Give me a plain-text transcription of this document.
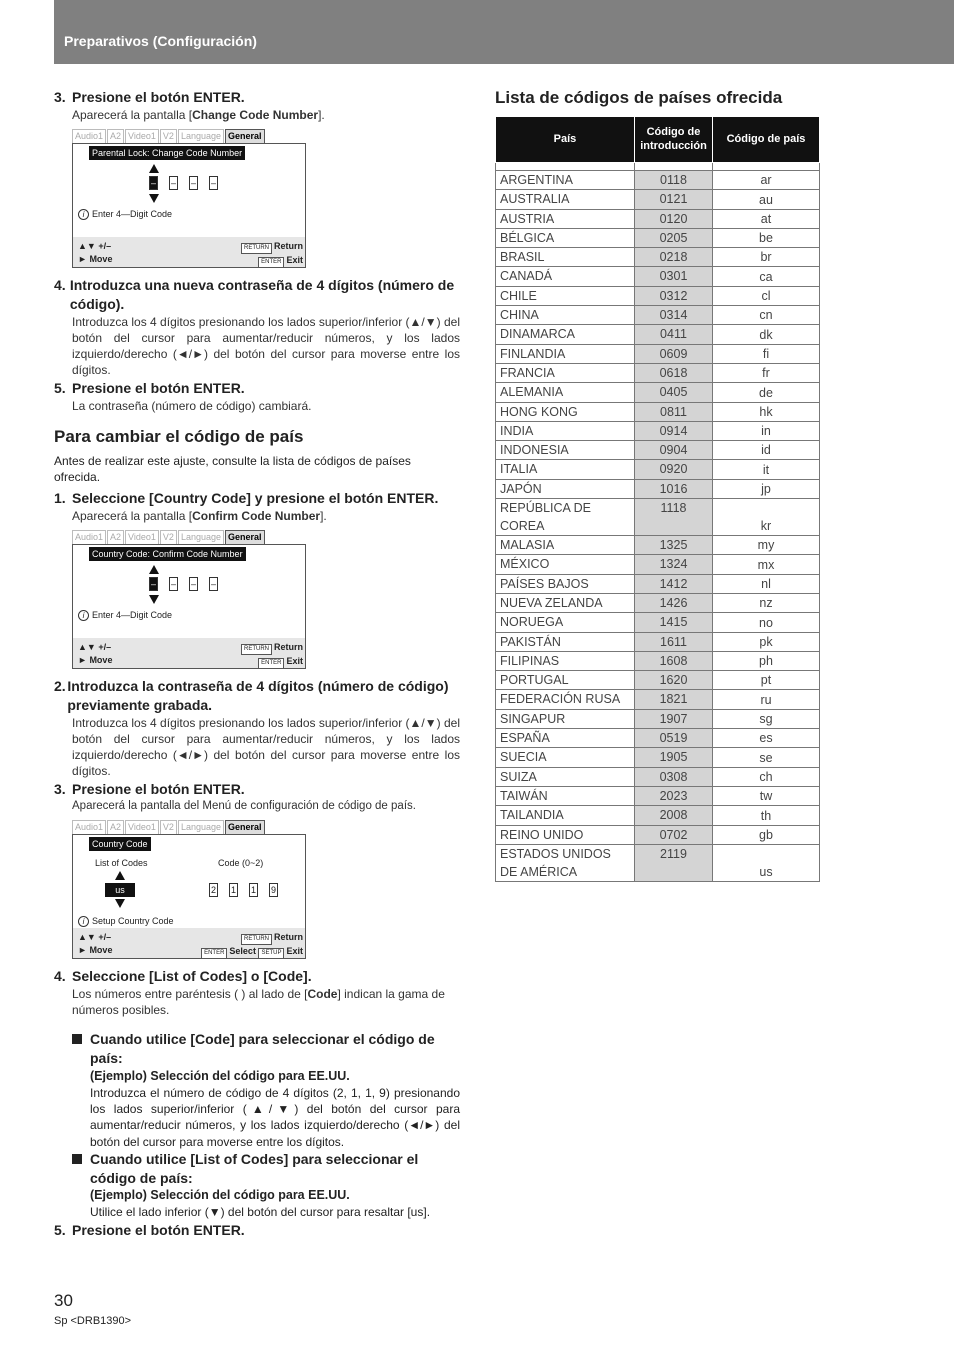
Preparativos (Configuración)
3. Presione el botón ENTER.
Aparecerá la pantalla [Change Code Number].
Audio1 A2 Video1 V2 Language General
Parental Lock: Change Code Number
– – – –
i Enter 4—Digit Code
▲▼ +/–
► Move
RETURN Return
ENTER Exit
4. Introduzca una nueva contraseña de 4 dígitos (número de código).
Introduzca los 4 dígitos presionando los lados superior/inferior (▲/▼) del botón del cursor para aumentar/reducir números, y los lados izquierdo/derecho (◄/►) del botón del cursor para moverse entre los dígitos.
5. Presione el botón ENTER.
La contraseña (número de código) cambiará.
Para cambiar el código de país
Antes de realizar este ajuste, consulte la lista de códigos de países ofrecida.
1. Seleccione [Country Code] y presione el botón ENTER.
Aparecerá la pantalla [Confirm Code Number].
Audio1 A2 Video1 V2 Language General
Country Code: Confirm Code Number
– – – –
i Enter 4—Digit Code
▲▼ +/–
► Move
RETURN Return
ENTER Exit
2. Introduzca la contraseña de 4 dígitos (número de código) previamente grabada.
Introduzca los 4 dígitos presionando los lados superior/inferior (▲/▼) del botón del cursor para aumentar/reducir números, y los lados izquierdo/derecho (◄/►) del botón del cursor para moverse entre los dígitos.
3. Presione el botón ENTER.
Aparecerá la pantalla del Menú de configuración de código de país.
Audio1 A2 Video1 V2 Language General
Country Code
List of Codes	Code (0~2)
us	2 1 1 9
i Setup Country Code
▲▼ +/–
► Move
RETURN Return
ENTER Select SETUP Exit
4. Seleccione [List of Codes] o [Code].
Los números entre paréntesis ( ) al lado de [Code] indican la gama de números posibles.
Cuando utilice [Code] para seleccionar el código de país:
(Ejemplo) Selección del código para EE.UU.
Introduzca el número de código de 4 dígitos (2, 1, 1, 9) presionando los lados superior/inferior (▲/▼) del botón del cursor para aumentar/reducir números, y los lados izquierdo/derecho (◄/►) del botón del cursor para moverse entre los dígitos.
Cuando utilice [List of Codes] para seleccionar el código de país:
(Ejemplo) Selección del código para EE.UU.
Utilice el lado inferior (▼) del botón del cursor para resaltar [us].
5. Presione el botón ENTER.
Lista de códigos de países ofrecida
País	Código de introducción	Código de país

ARGENTINA	0118	ar
AUSTRALIA	0121	au
AUSTRIA	0120	at
BÉLGICA	0205	be
BRASIL	0218	br
CANADÁ	0301	ca
CHILE	0312	cl
CHINA	0314	cn
DINAMARCA	0411	dk
FINLANDIA	0609	fi
FRANCIA	0618	fr
ALEMANIA	0405	de
HONG KONG	0811	hk
INDIA	0914	in
INDONESIA	0904	id
ITALIA	0920	it
JAPÓN	1016	jp
REPÚBLICA DE COREA	1118	kr
MALASIA	1325	my
MÉXICO	1324	mx
PAÍSES BAJOS	1412	nl
NUEVA ZELANDA	1426	nz
NORUEGA	1415	no
PAKISTÁN	1611	pk
FILIPINAS	1608	ph
PORTUGAL	1620	pt
FEDERACIÓN RUSA	1821	ru
SINGAPUR	1907	sg
ESPAÑA	0519	es
SUECIA	1905	se
SUIZA	0308	ch
TAIWÁN	2023	tw
TAILANDIA	2008	th
REINO UNIDO	0702	gb
ESTADOS UNIDOS DE AMÉRICA	2119	us
30
Sp <DRB1390>
